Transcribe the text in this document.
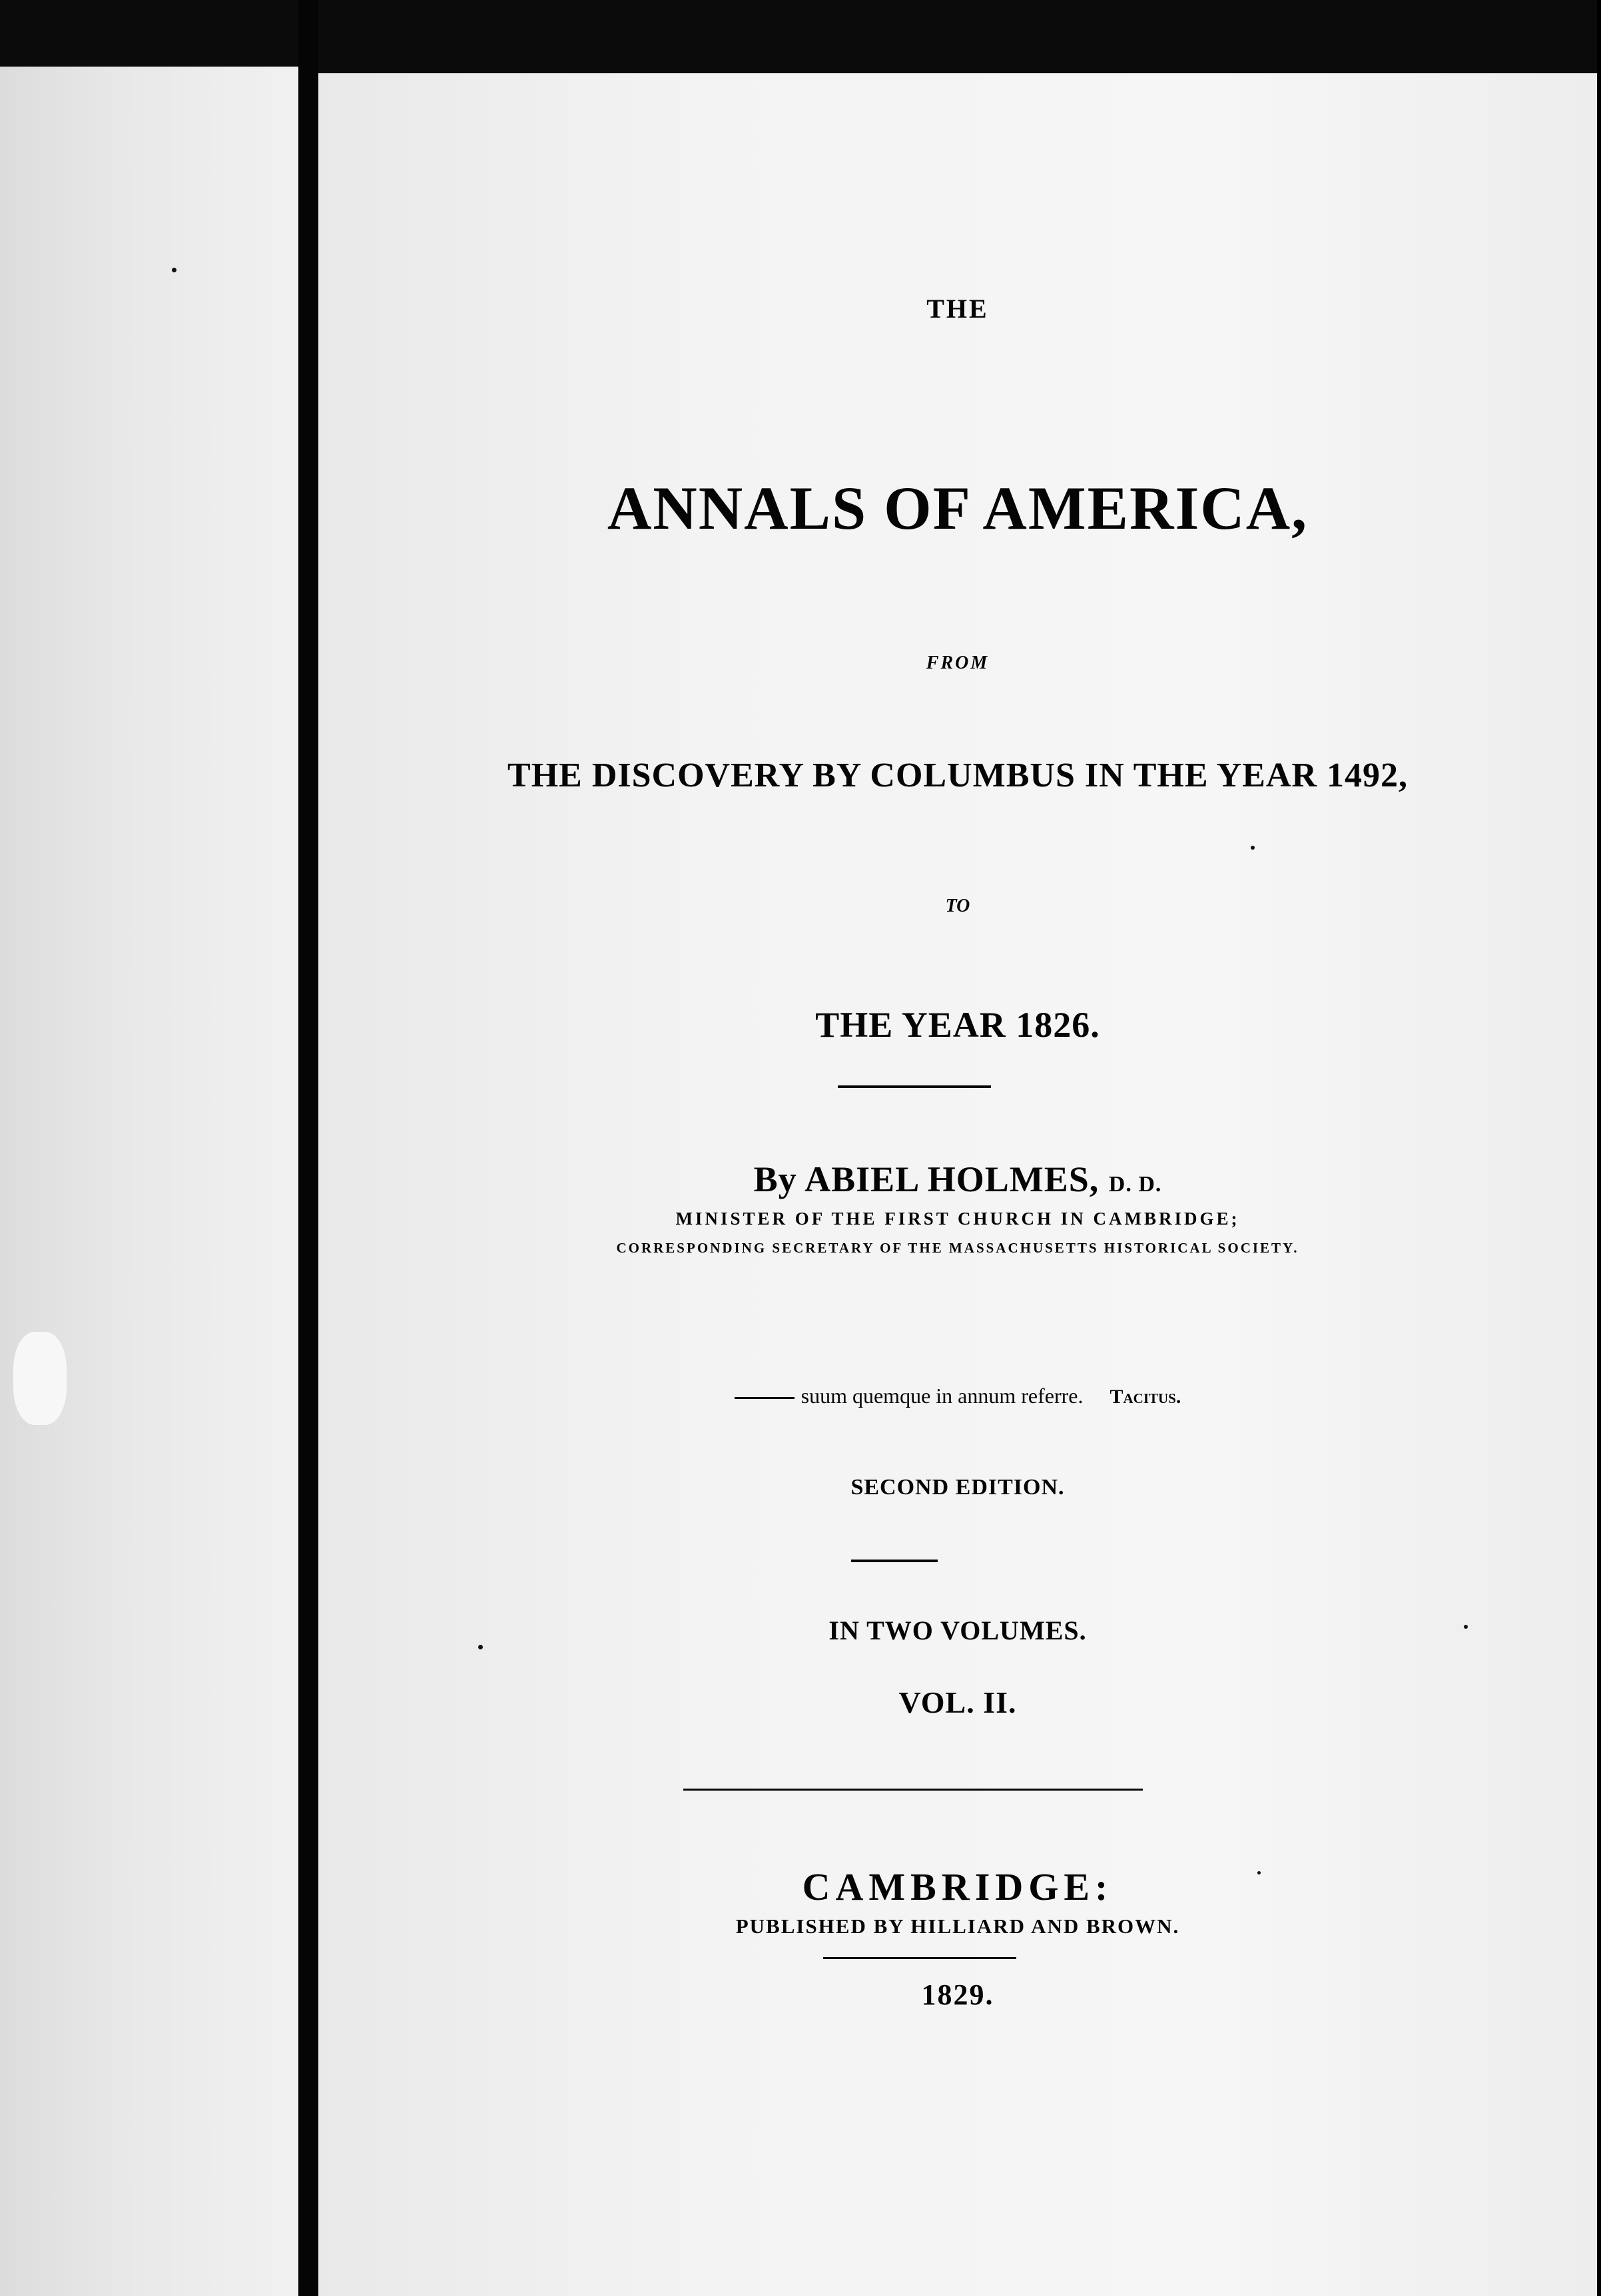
THE
ANNALS OF AMERICA,
FROM
THE DISCOVERY BY COLUMBUS IN THE YEAR 1492,
TO
THE YEAR 1826.
By ABIEL HOLMES, D. D.
MINISTER OF THE FIRST CHURCH IN CAMBRIDGE;
CORRESPONDING SECRETARY OF THE MASSACHUSETTS HISTORICAL SOCIETY.
suum quemque in annum referre. Tacitus.
SECOND EDITION.
IN TWO VOLUMES.
VOL. II.
CAMBRIDGE:
PUBLISHED BY HILLIARD AND BROWN.
1829.
